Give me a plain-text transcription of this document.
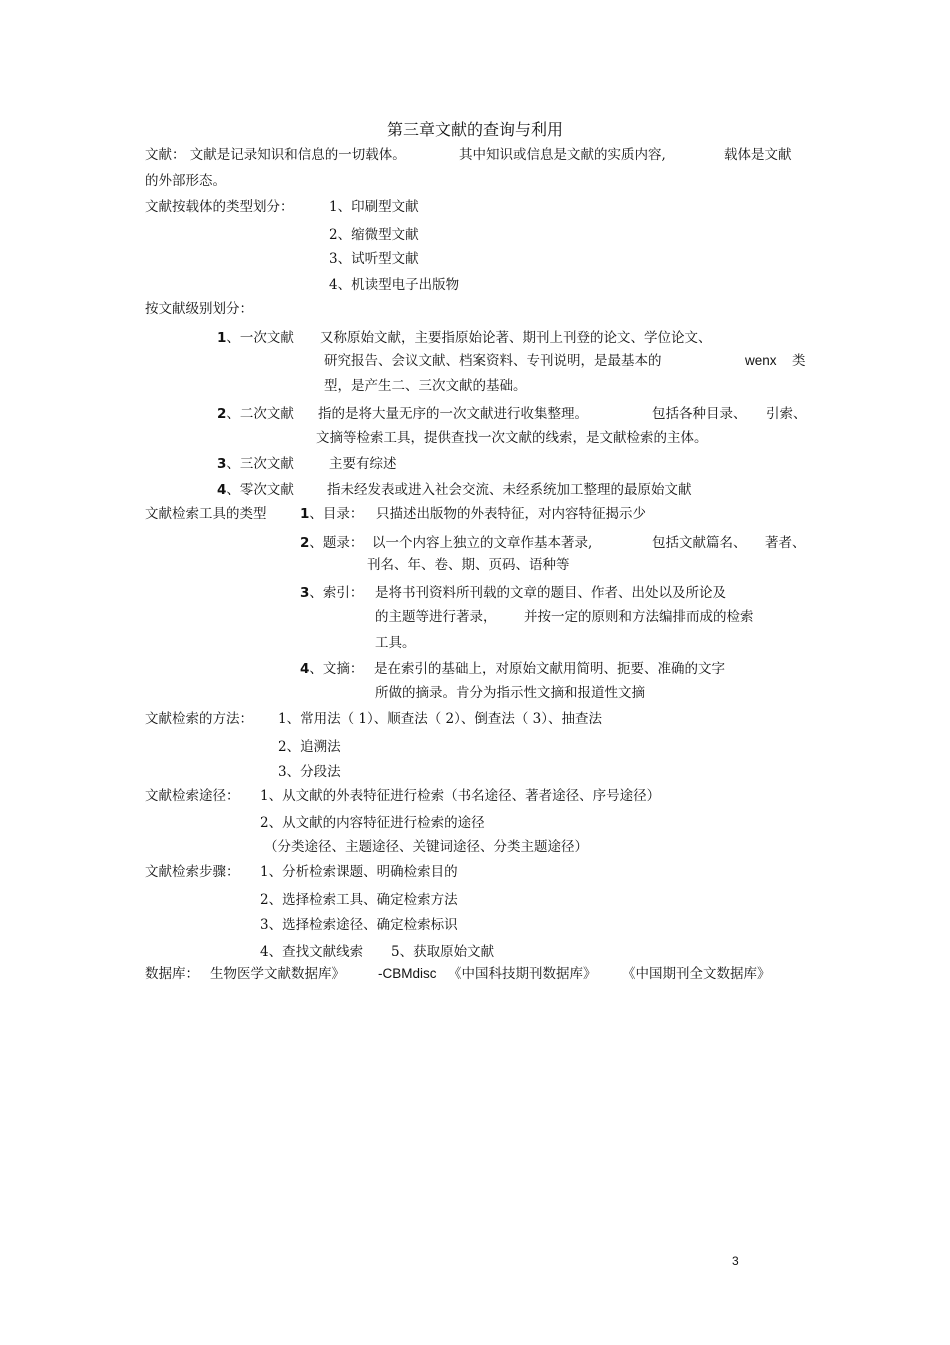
第三章文献的查询与利用
文献： 文献是记录知识和信息的一切载体。	其中知识或信息是文献的实质内容,	载体是文献
的外部形态。
文献按载体的类型划分：	1、印刷型文献
2、缩微型文献
3、试听型文献
4、机读型电子出版物
按文献级别划分：
1、一次文献 又称原始文献，主要指原始论著、期刊上刊登的论文、学位论文、
研究报告、会议文献、档案资料、专刊说明，是最基本的	wenx 类
型，是产生二、三次文献的基础。
2、二次文献 指的是将大量无序的一次文献进行收集整理。	包括各种目录、 引索、
文摘等检索工具，提供查找一次文献的线索，是文献检索的主体。
3、三次文献	主要有综述
4、零次文献 指未经发表或进入社会交流、未经系统加工整理的最原始文献
文献检索工具的类型 1、目录： 只描述出版物的外表特征，对内容特征揭示少
2、题录： 以一个内容上独立的文章作基本著录,	包括文献篇名、 著者、
刊名、年、卷、期、页码、语种等
3、索引： 是将书刊资料所刊载的文章的题目、作者、出处以及所论及
的主题等进行著录， 并按一定的原则和方法编排而成的检索
工具。
4、文摘： 是在索引的基础上，对原始文献用简明、扼要、准确的文字
所做的摘录。肯分为指示性文摘和报道性文摘
文献检索的方法： 1、常用法（ 1）、顺查法（ 2）、倒查法（ 3）、抽查法
2、追溯法
3、分段法
文献检索途径： 1、从文献的外表特征进行检索（书名途径、著者途径、序号途径）
2、从文献的内容特征进行检索的途径
（分类途径、主题途径、关键词途径、分类主题途径）
文献检索步骤： 1、分析检索课题、明确检索目的
2、选择检索工具、确定检索方法
3、选择检索途径、确定检索标识
4、查找文献线索 5、获取原始文献
数据库： 生物医学文献数据库》 -CBMdisc 《中国科技期刊数据库》 《中国期刊全文数据库》
3
